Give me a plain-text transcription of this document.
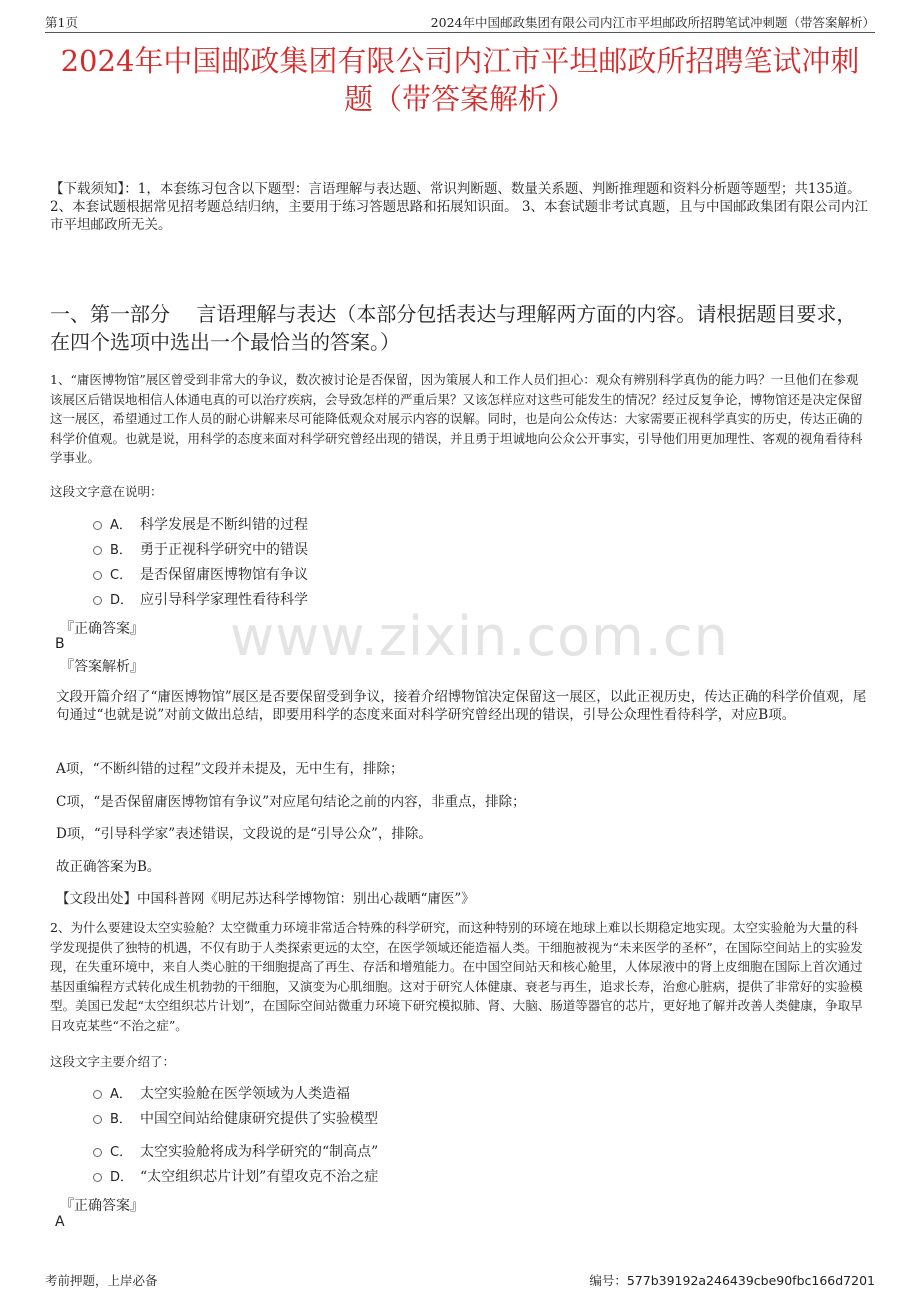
第1页	2024年中国邮政集团有限公司内江市平坦邮政所招聘笔试冲刺题（带答案解析）
2024年中国邮政集团有限公司内江市平坦邮政所招聘笔试冲刺题（带答案解析）

【下载须知】：1，本套练习包含以下题型：言语理解与表达题、常识判断题、数量关系题、判断推理题和资料分析题等题型；共135道。 2、本套试题根据常见招考题总结归纳，主要用于练习答题思路和拓展知识面。 3、本套试题非考试真题，且与中国邮政集团有限公司内江市平坦邮政所无关。

一、第一部分　 言语理解与表达（本部分包括表达与理解两方面的内容。请根据题目要求，在四个选项中选出一个最恰当的答案。）

1、“庸医博物馆”展区曾受到非常大的争议，数次被讨论是否保留，因为策展人和工作人员们担心：观众有辨别科学真伪的能力吗？一旦他们在参观该展区后错误地相信人体通电真的可以治疗疾病，会导致怎样的严重后果？又该怎样应对这些可能发生的情况？经过反复争论，博物馆还是决定保留这一展区，希望通过工作人员的耐心讲解来尽可能降低观众对展示内容的误解。同时，也是向公众传达：大家需要正视科学真实的历史，传达正确的科学价值观。也就是说，用科学的态度来面对科学研究曾经出现的错误，并且勇于坦诚地向公众公开事实，引导他们用更加理性、客观的视角看待科学事业。

这段文字意在说明：

A． 科学发展是不断纠错的过程
B． 勇于正视科学研究中的错误
C． 是否保留庸医博物馆有争议
D． 应引导科学家理性看待科学
www.zixin.com.cn

『正确答案』

B

『答案解析』

文段开篇介绍了“庸医博物馆”展区是否要保留受到争议，接着介绍博物馆决定保留这一展区，以此正视历史，传达正确的科学价值观，尾句通过“也就是说”对前文做出总结，即要用科学的态度来面对科学研究曾经出现的错误，引导公众理性看待科学，对应B项。

A项，“不断纠错的过程”文段并未提及，无中生有，排除；

C项，“是否保留庸医博物馆有争议”对应尾句结论之前的内容，非重点，排除；

D项，“引导科学家”表述错误，文段说的是“引导公众”，排除。

故正确答案为B。

【文段出处】中国科普网《明尼苏达科学博物馆：别出心裁晒“庸医”》

2、为什么要建设太空实验舱？太空微重力环境非常适合特殊的科学研究，而这种特别的环境在地球上难以长期稳定地实现。太空实验舱为大量的科学发现提供了独特的机遇，不仅有助于人类探索更远的太空，在医学领域还能造福人类。干细胞被视为“未来医学的圣杯”，在国际空间站上的实验发现，在失重环境中，来自人类心脏的干细胞提高了再生、存活和增殖能力。在中国空间站天和核心舱里，人体尿液中的肾上皮细胞在国际上首次通过基因重编程方式转化成生机勃勃的干细胞，又演变为心肌细胞。这对于研究人体健康、衰老与再生，追求长寿，治愈心脏病，提供了非常好的实验模型。美国已发起“太空组织芯片计划”，在国际空间站微重力环境下研究模拟肺、肾、大脑、肠道等器官的芯片，更好地了解并改善人类健康，争取早日攻克某些“不治之症”。

这段文字主要介绍了：

A． 太空实验舱在医学领域为人类造福
B． 中国空间站给健康研究提供了实验模型
C． 太空实验舱将成为科学研究的“制高点”
D． “太空组织芯片计划”有望攻克不治之症

『正确答案』

A

考前押题，上岸必备	编号：577b39192a246439cbe90fbc166d7201
